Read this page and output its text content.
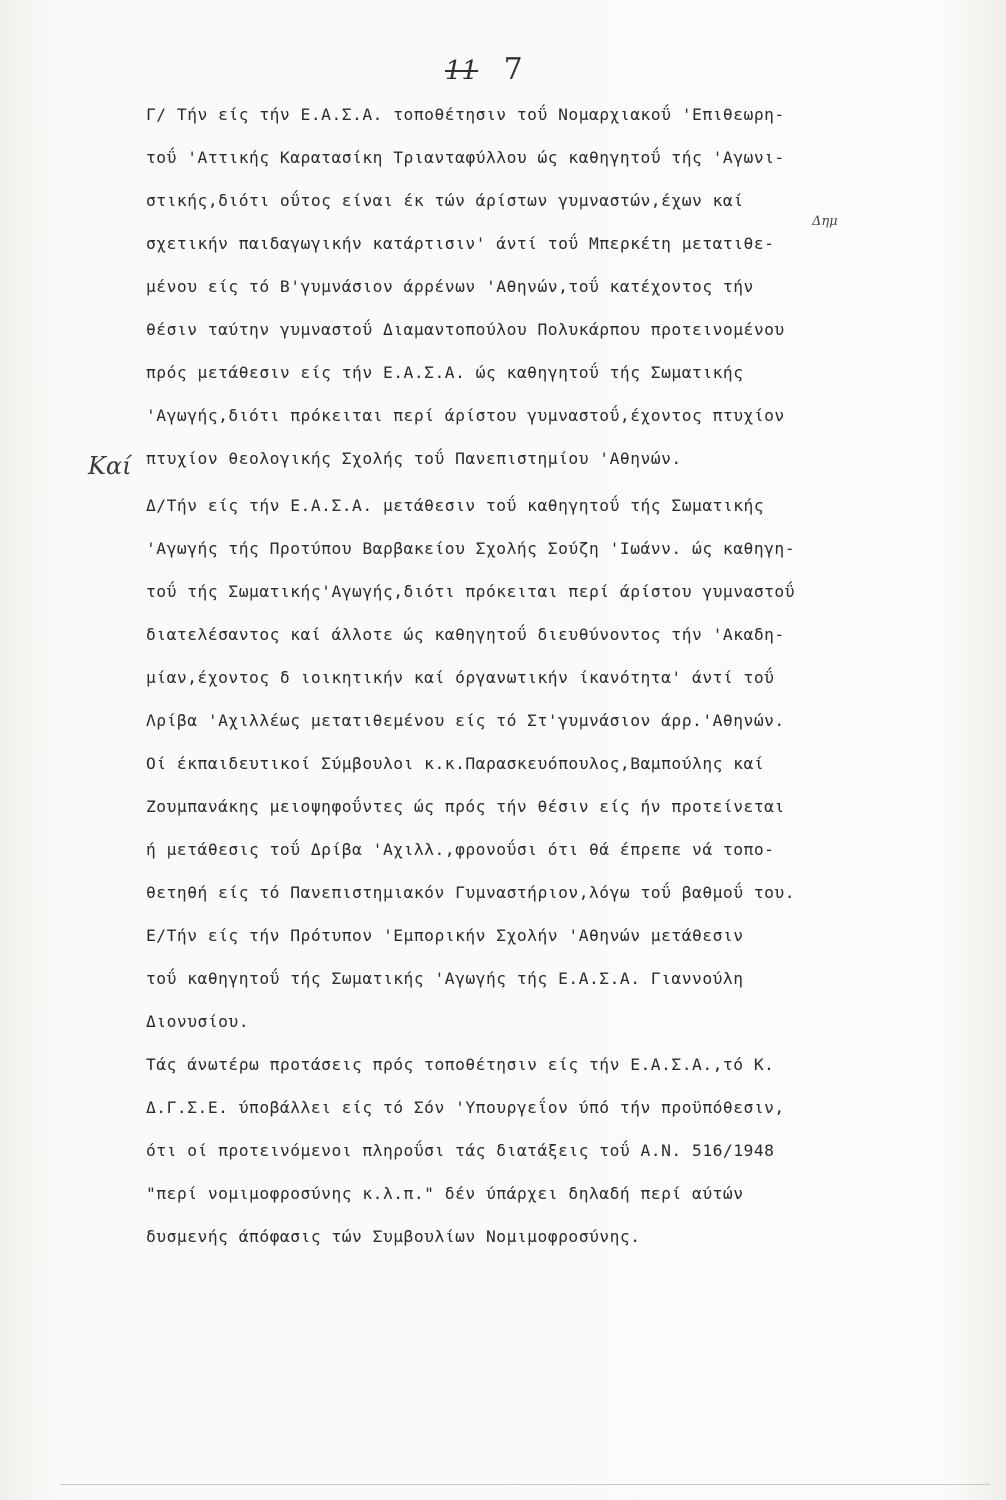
11 7
Δημ
Καί
Γ/ Τήν είς τήν Ε.Α.Σ.Α. τοποθέτησιν τοΰ Νομαρχιακοΰ 'Επιθεωρη-
τοΰ 'Αττικής Καρατασίκη Τριανταφύλλου ώς καθηγητοΰ τής 'Αγωνι-
στικής,διότι οΰτος είναι έκ τών άρίστων γυμναστών,έχων καί
σχετικήν παιδαγωγικήν κατάρτισιν' άντί τοΰ Μπερκέτη μετατιθε-
μένου είς τό Β'γυμνάσιον άρρένων 'Αθηνών,τοΰ κατέχοντος τήν
θέσιν ταύτην γυμναστοΰ Διαμαντοπούλου Πολυκάρπου προτεινομένου
πρός μετάθεσιν είς τήν Ε.Α.Σ.Α. ώς καθηγητοΰ τής Σωματικής
'Αγωγής,διότι πρόκειται περί άρίστου γυμναστοΰ,έχοντος πτυχίον
πτυχίον θεολογικής Σχολής τοΰ Πανεπιστημίου 'Αθηνών.
Δ/Τήν είς τήν Ε.Α.Σ.Α. μετάθεσιν τοΰ καθηγητοΰ τής Σωματικής
'Αγωγής τής Προτύπου Βαρβακείου Σχολής Σούζη 'Ιωάνν. ώς καθηγη-
τοΰ τής Σωματικής'Αγωγής,διότι πρόκειται περί άρίστου γυμναστοΰ
διατελέσαντος καί άλλοτε ώς καθηγητοΰ διευθύνοντος τήν 'Ακαδη-
μίαν,έχοντος δ ιοικητικήν καί όργανωτικήν ίκανότητα' άντί τοΰ
Λρίβα 'Αχιλλέως μετατιθεμένου είς τό Στ'γυμνάσιον άρρ.'Αθηνών.
Οί έκπαιδευτικοί Σύμβουλοι κ.κ.Παρασκευόπουλος,Βαμπούλης καί
Ζουμπανάκης μειοψηφοΰντες ώς πρός τήν θέσιν είς ήν προτείνεται
ή μετάθεσις τοΰ Δρίβα 'Αχιλλ.,φρονοΰσι ότι θά έπρεπε νά τοπο-
θετηθή είς τό Πανεπιστημιακόν Γυμναστήριον,λόγω τοΰ βαθμοΰ του.
Ε/Τήν είς τήν Πρότυπον 'Εμπορικήν Σχολήν 'Αθηνών μετάθεσιν
τοΰ καθηγητοΰ τής Σωματικής 'Αγωγής τής Ε.Α.Σ.Α. Γιαννούλη
Διονυσίου.
Τάς άνωτέρω προτάσεις πρός τοποθέτησιν είς τήν Ε.Α.Σ.Α.,τό Κ.
Δ.Γ.Σ.Ε. ύποβάλλει είς τό Σόν 'Υπουργεΐον ύπό τήν προϋπόθεσιν,
ότι οί προτεινόμενοι πληροΰσι τάς διατάξεις τοΰ Α.Ν. 516/1948
"περί νομιμοφροσύνης κ.λ.π." δέν ύπάρχει δηλαδή περί αύτών
δυσμενής άπόφασις τών Συμβουλίων Νομιμοφροσύνης.
